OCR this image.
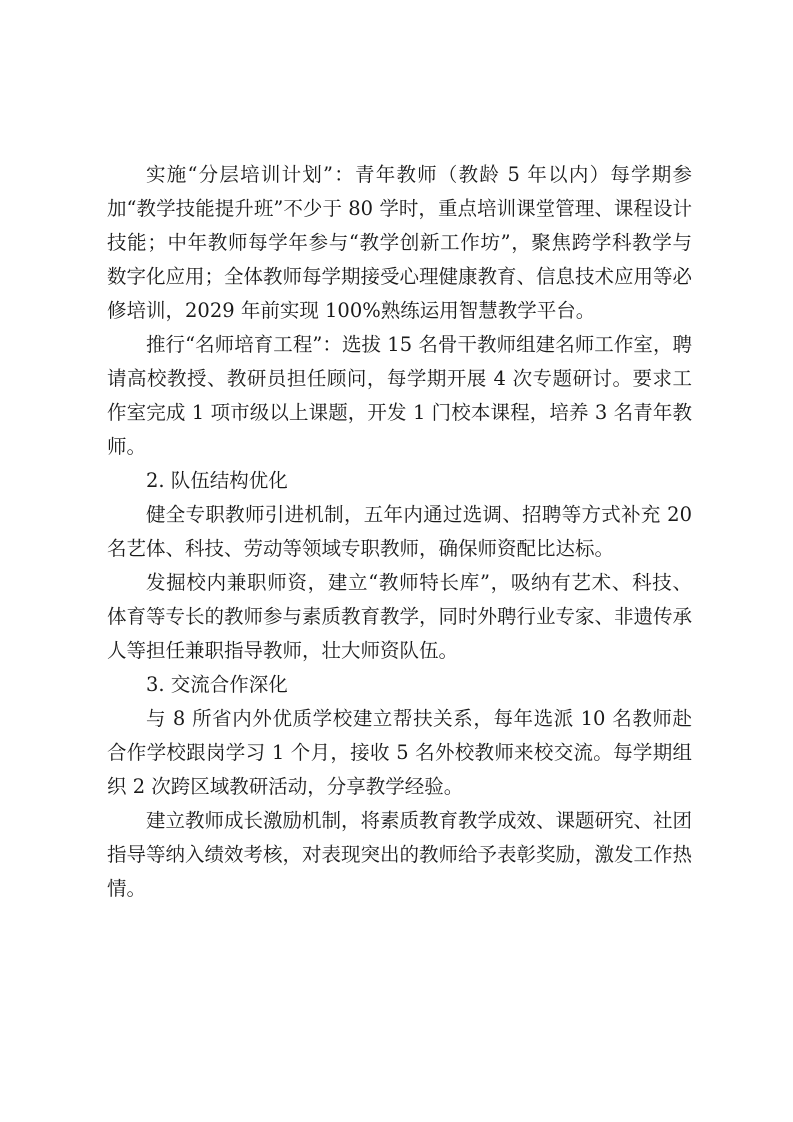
实施“分层培训计划”：青年教师（教龄 5 年以内）每学期参加“教学技能提升班”不少于 80 学时，重点培训课堂管理、课程设计技能；中年教师每学年参与“教学创新工作坊”，聚焦跨学科教学与数字化应用；全体教师每学期接受心理健康教育、信息技术应用等必修培训，2029 年前实现 100%熟练运用智慧教学平台。

推行“名师培育工程”：选拔 15 名骨干教师组建名师工作室，聘请高校教授、教研员担任顾问，每学期开展 4 次专题研讨。要求工作室完成 1 项市级以上课题，开发 1 门校本课程，培养 3 名青年教师。

2. 队伍结构优化

健全专职教师引进机制，五年内通过选调、招聘等方式补充 20 名艺体、科技、劳动等领域专职教师，确保师资配比达标。

发掘校内兼职师资，建立“教师特长库”，吸纳有艺术、科技、体育等专长的教师参与素质教育教学，同时外聘行业专家、非遗传承人等担任兼职指导教师，壮大师资队伍。

3. 交流合作深化

与 8 所省内外优质学校建立帮扶关系，每年选派 10 名教师赴合作学校跟岗学习 1 个月，接收 5 名外校教师来校交流。每学期组织 2 次跨区域教研活动，分享教学经验。

建立教师成长激励机制，将素质教育教学成效、课题研究、社团指导等纳入绩效考核，对表现突出的教师给予表彰奖励，激发工作热情。
